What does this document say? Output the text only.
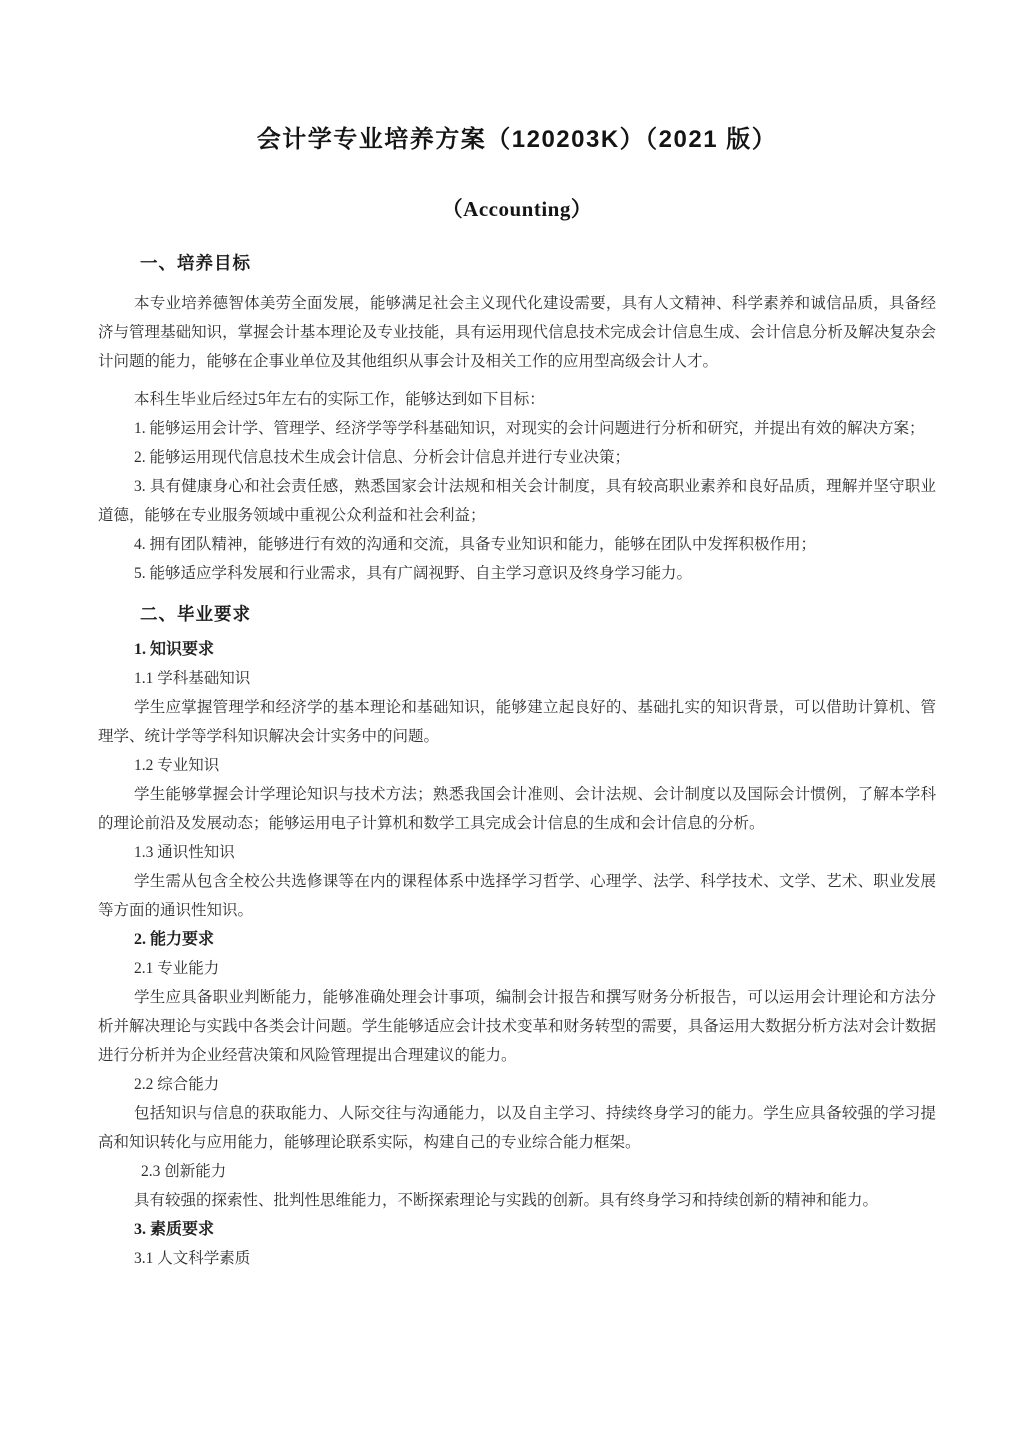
会计学专业培养方案（120203K）（2021 版）
（Accounting）
一、培养目标

本专业培养德智体美劳全面发展，能够满足社会主义现代化建设需要，具有人文精神、科学素养和诚信品质，具备经济与管理基础知识，掌握会计基本理论及专业技能，具有运用现代信息技术完成会计信息生成、会计信息分析及解决复杂会计问题的能力，能够在企事业单位及其他组织从事会计及相关工作的应用型高级会计人才。

本科生毕业后经过5年左右的实际工作，能够达到如下目标：

1. 能够运用会计学、管理学、经济学等学科基础知识，对现实的会计问题进行分析和研究，并提出有效的解决方案；

2. 能够运用现代信息技术生成会计信息、分析会计信息并进行专业决策；

3. 具有健康身心和社会责任感，熟悉国家会计法规和相关会计制度，具有较高职业素养和良好品质，理解并坚守职业道德，能够在专业服务领域中重视公众利益和社会利益；

4. 拥有团队精神，能够进行有效的沟通和交流，具备专业知识和能力，能够在团队中发挥积极作用；

5. 能够适应学科发展和行业需求，具有广阔视野、自主学习意识及终身学习能力。

二、毕业要求
1. 知识要求
1.1 学科基础知识

学生应掌握管理学和经济学的基本理论和基础知识，能够建立起良好的、基础扎实的知识背景，可以借助计算机、管理学、统计学等学科知识解决会计实务中的问题。

1.2 专业知识

学生能够掌握会计学理论知识与技术方法；熟悉我国会计准则、会计法规、会计制度以及国际会计惯例，了解本学科的理论前沿及发展动态；能够运用电子计算机和数学工具完成会计信息的生成和会计信息的分析。

1.3 通识性知识

学生需从包含全校公共选修课等在内的课程体系中选择学习哲学、心理学、法学、科学技术、文学、艺术、职业发展等方面的通识性知识。

2. 能力要求
2.1 专业能力

学生应具备职业判断能力，能够准确处理会计事项，编制会计报告和撰写财务分析报告，可以运用会计理论和方法分析并解决理论与实践中各类会计问题。学生能够适应会计技术变革和财务转型的需要，具备运用大数据分析方法对会计数据进行分析并为企业经营决策和风险管理提出合理建议的能力。

2.2 综合能力

包括知识与信息的获取能力、人际交往与沟通能力，以及自主学习、持续终身学习的能力。学生应具备较强的学习提高和知识转化与应用能力，能够理论联系实际，构建自己的专业综合能力框架。

2.3 创新能力

具有较强的探索性、批判性思维能力，不断探索理论与实践的创新。具有终身学习和持续创新的精神和能力。

3. 素质要求
3.1 人文科学素质
